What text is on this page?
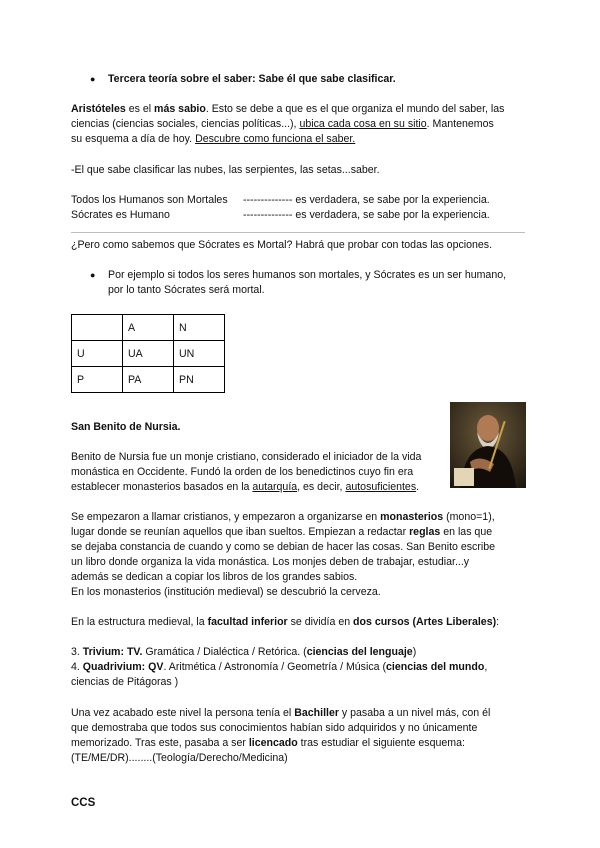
● Tercera teoría sobre el saber: Sabe él que sabe clasificar.

Aristóteles es el más sabio. Esto se debe a que es el que organiza el mundo del saber, las

ciencias (ciencias sociales, ciencias políticas...), ubica cada cosa en su sitio. Mantenemos

su esquema a día de hoy. Descubre como funciona el saber.

-El que sabe clasificar las nubes, las serpientes, las setas...saber.

Todos los Humanos son Mortales -------------- es verdadera, se sabe por la experiencia.

Sócrates es Humano	-------------- es verdadera, se sabe por la experiencia.

¿Pero como sabemos que Sócrates es Mortal? Habrá que probar con todas las opciones.

● Por ejemplo si todos los seres humanos son mortales, y Sócrates es un ser humano,

por lo tanto Sócrates será mortal.

	A	N
U	UA	UN
P	PA	PN

San Benito de Nursia.

Benito de Nursia fue un monje cristiano, considerado el iniciador de la vida

monástica en Occidente. Fundó la orden de los benedictinos cuyo fin era

establecer monasterios basados en la autarquía, es decir, autosuficientes.

Se empezaron a llamar cristianos, y empezaron a organizarse en monasterios (mono=1),

lugar donde se reunían aquellos que iban sueltos. Empiezan a redactar reglas en las que

se dejaba constancia de cuando y como se debian de hacer las cosas. San Benito escribe

un libro donde organiza la vida monástica. Los monjes deben de trabajar, estudiar...y

además se dedican a copiar los libros de los grandes sabios.

En los monasterios (institución medieval) se descubrió la cerveza.

En la estructura medieval, la facultad inferior se dividía en dos cursos (Artes Liberales):

3. Trivium: TV. Gramática / Dialéctica / Retórica. (ciencias del lenguaje)

4. Quadrivium: QV. Aritmética / Astronomía / Geometría / Música (ciencias del mundo,

ciencias de Pitágoras )

Una vez acabado este nivel la persona tenía el Bachiller y pasaba a un nivel más, con él

que demostraba que todos sus conocimientos habían sido adquiridos y no únicamente

memorizado. Tras este, pasaba a ser licencado tras estudiar el siguiente esquema:

(TE/ME/DR)........(Teología/Derecho/Medicina)

CCS
